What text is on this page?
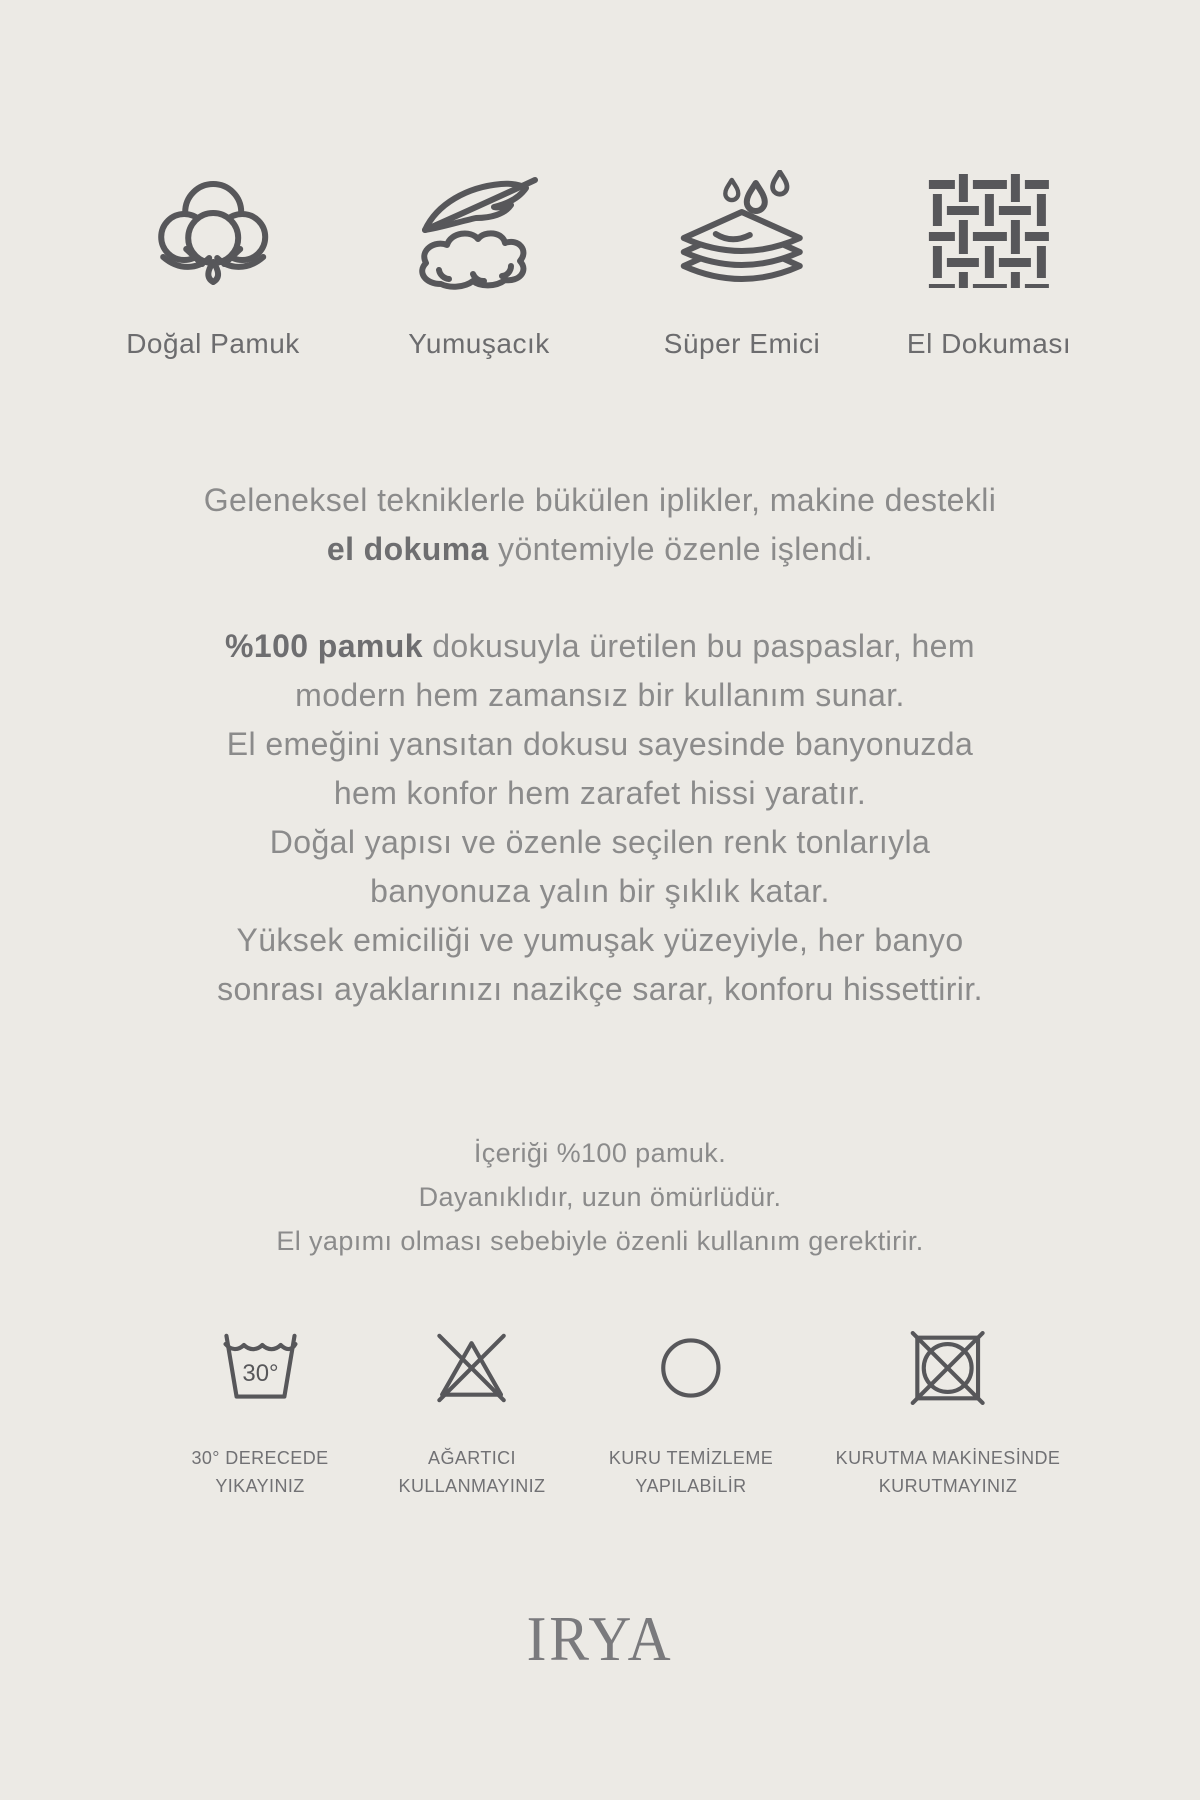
Doğal Pamuk	Yumuşacık	Süper Emici	El Dokuması
Geleneksel tekniklerle bükülen iplikler, makine destekli
el dokuma yöntemiyle özenle işlendi.
%100 pamuk dokusuyla üretilen bu paspaslar, hem
modern hem zamansız bir kullanım sunar.
El emeğini yansıtan dokusu sayesinde banyonuzda
hem konfor hem zarafet hissi yaratır.
Doğal yapısı ve özenle seçilen renk tonlarıyla
banyonuza yalın bir şıklık katar.
Yüksek emiciliği ve yumuşak yüzeyiyle, her banyo
sonrası ayaklarınızı nazikçe sarar, konforu hissettirir.
İçeriği %100 pamuk.
Dayanıklıdır, uzun ömürlüdür.
El yapımı olması sebebiyle özenli kullanım gerektirir.
30°
30° DERECEDE
YIKAYINIZ
AĞARTICI
KULLANMAYINIZ
KURU TEMİZLEME
YAPILABİLİR
KURUTMA MAKİNESİNDE
KURUTMAYINIZ
IRYA
